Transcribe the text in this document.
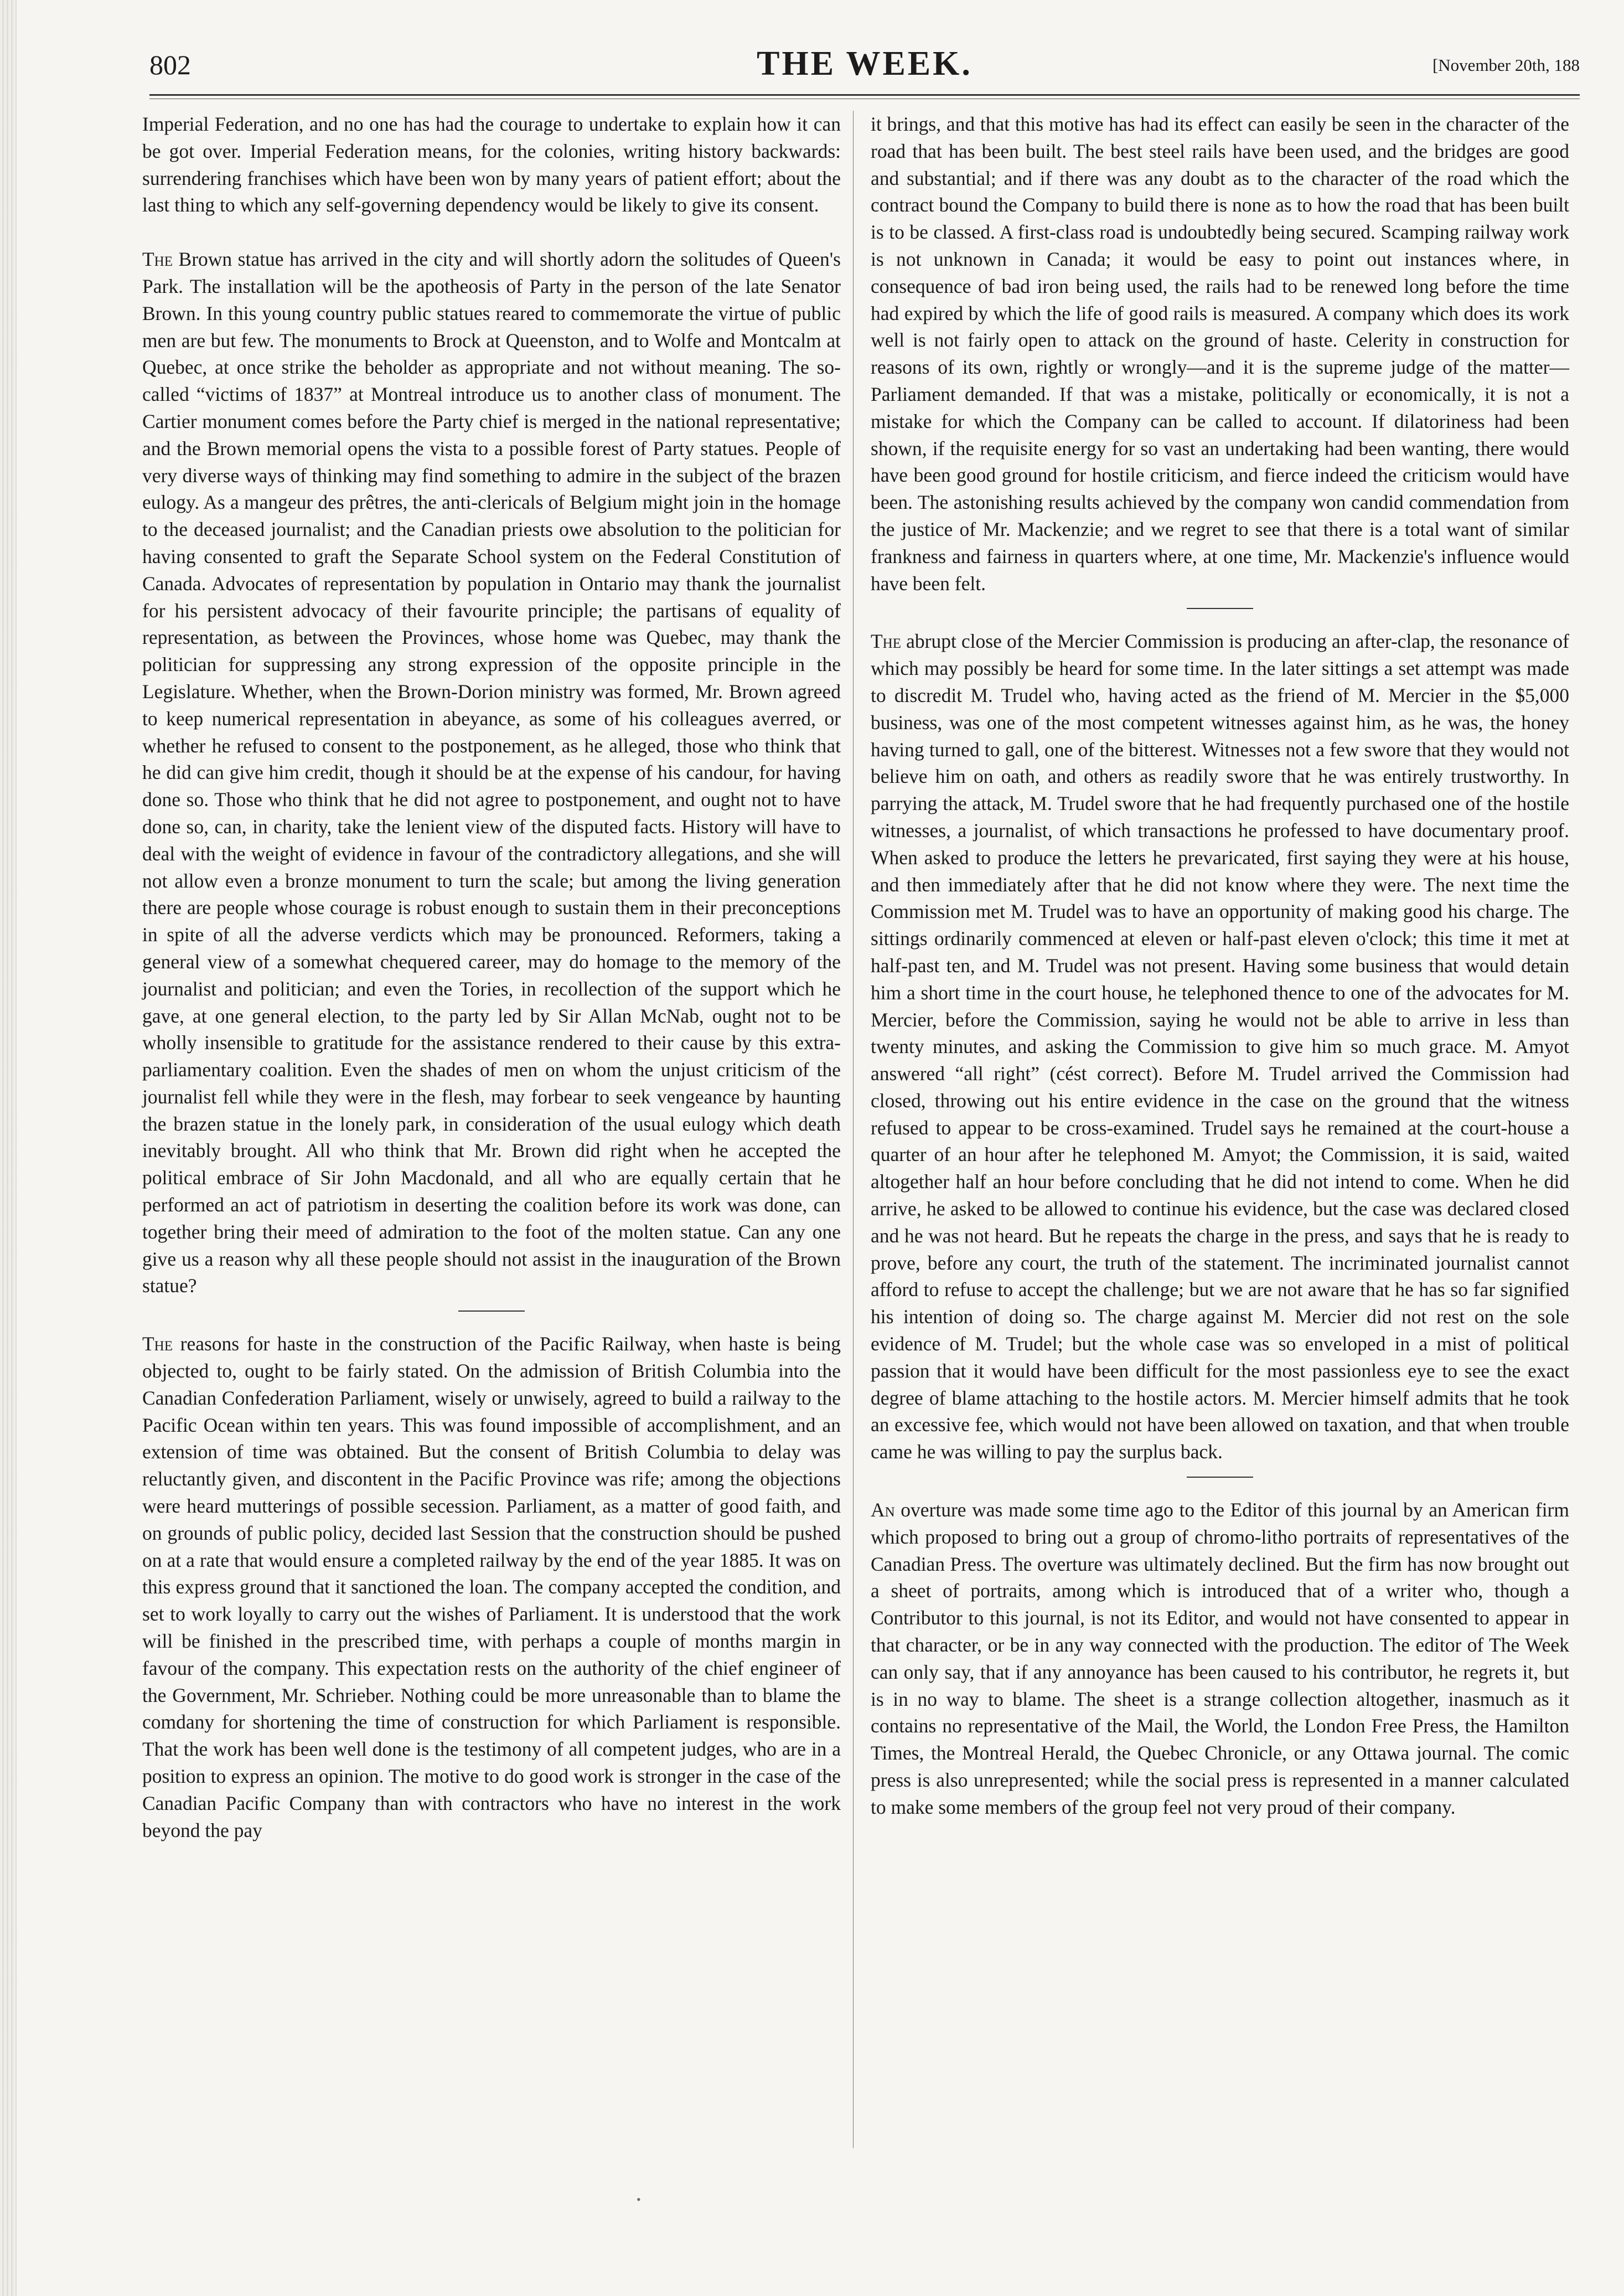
802	THE WEEK.	[November 20th, 188

Imperial Federation, and no one has had the courage to undertake to explain how it can be got over. Imperial Federation means, for the colonies, writing history backwards: surrendering franchises which have been won by many years of patient effort; about the last thing to which any self-governing dependency would be likely to give its consent.

The Brown statue has arrived in the city and will shortly adorn the solitudes of Queen's Park. The installation will be the apotheosis of Party in the person of the late Senator Brown. In this young country public statues reared to commemorate the virtue of public men are but few. The monuments to Brock at Queenston, and to Wolfe and Montcalm at Quebec, at once strike the beholder as appropriate and not without meaning. The so-called “victims of 1837” at Montreal introduce us to another class of monument. The Cartier monument comes before the Party chief is merged in the national representative; and the Brown memorial opens the vista to a possible forest of Party statues. People of very diverse ways of thinking may find something to admire in the subject of the brazen eulogy. As a mangeur des prêtres, the anti-clericals of Belgium might join in the homage to the deceased journalist; and the Canadian priests owe absolution to the politician for having consented to graft the Separate School system on the Federal Constitution of Canada. Advocates of representation by population in Ontario may thank the journalist for his persistent advocacy of their favourite principle; the partisans of equality of representation, as between the Provinces, whose home was Quebec, may thank the politician for suppressing any strong expression of the opposite principle in the Legislature. Whether, when the Brown-Dorion ministry was formed, Mr. Brown agreed to keep numerical representation in abeyance, as some of his colleagues averred, or whether he refused to consent to the postponement, as he alleged, those who think that he did can give him credit, though it should be at the expense of his candour, for having done so. Those who think that he did not agree to postponement, and ought not to have done so, can, in charity, take the lenient view of the disputed facts. History will have to deal with the weight of evidence in favour of the contradictory allegations, and she will not allow even a bronze monument to turn the scale; but among the living generation there are people whose courage is robust enough to sustain them in their preconceptions in spite of all the adverse verdicts which may be pronounced. Reformers, taking a general view of a somewhat chequered career, may do homage to the memory of the journalist and politician; and even the Tories, in recollection of the support which he gave, at one general election, to the party led by Sir Allan McNab, ought not to be wholly insensible to gratitude for the assistance rendered to their cause by this extra-parliamentary coalition. Even the shades of men on whom the unjust criticism of the journalist fell while they were in the flesh, may forbear to seek vengeance by haunting the brazen statue in the lonely park, in consideration of the usual eulogy which death inevitably brought. All who think that Mr. Brown did right when he accepted the political embrace of Sir John Macdonald, and all who are equally certain that he performed an act of patriotism in deserting the coalition before its work was done, can together bring their meed of admiration to the foot of the molten statue. Can any one give us a reason why all these people should not assist in the inauguration of the Brown statue?

The reasons for haste in the construction of the Pacific Railway, when haste is being objected to, ought to be fairly stated. On the admission of British Columbia into the Canadian Confederation Parliament, wisely or unwisely, agreed to build a railway to the Pacific Ocean within ten years. This was found impossible of accomplishment, and an extension of time was obtained. But the consent of British Columbia to delay was reluctantly given, and discontent in the Pacific Province was rife; among the objections were heard mutterings of possible secession. Parliament, as a matter of good faith, and on grounds of public policy, decided last Session that the construction should be pushed on at a rate that would ensure a completed railway by the end of the year 1885. It was on this express ground that it sanctioned the loan. The company accepted the condition, and set to work loyally to carry out the wishes of Parliament. It is understood that the work will be finished in the prescribed time, with perhaps a couple of months margin in favour of the company. This expectation rests on the authority of the chief engineer of the Government, Mr. Schrieber. Nothing could be more unreasonable than to blame the comdany for shortening the time of construction for which Parliament is responsible. That the work has been well done is the testimony of all competent judges, who are in a position to express an opinion. The motive to do good work is stronger in the case of the Canadian Pacific Company than with contractors who have no interest in the work beyond the pay

it brings, and that this motive has had its effect can easily be seen in the character of the road that has been built. The best steel rails have been used, and the bridges are good and substantial; and if there was any doubt as to the character of the road which the contract bound the Company to build there is none as to how the road that has been built is to be classed. A first-class road is undoubtedly being secured. Scamping railway work is not unknown in Canada; it would be easy to point out instances where, in consequence of bad iron being used, the rails had to be renewed long before the time had expired by which the life of good rails is measured. A company which does its work well is not fairly open to attack on the ground of haste. Celerity in construction for reasons of its own, rightly or wrongly—and it is the supreme judge of the matter—Parliament demanded. If that was a mistake, politically or economically, it is not a mistake for which the Company can be called to account. If dilatoriness had been shown, if the requisite energy for so vast an undertaking had been wanting, there would have been good ground for hostile criticism, and fierce indeed the criticism would have been. The astonishing results achieved by the company won candid commendation from the justice of Mr. Mackenzie; and we regret to see that there is a total want of similar frankness and fairness in quarters where, at one time, Mr. Mackenzie's influence would have been felt.

The abrupt close of the Mercier Commission is producing an after-clap, the resonance of which may possibly be heard for some time. In the later sittings a set attempt was made to discredit M. Trudel who, having acted as the friend of M. Mercier in the $5,000 business, was one of the most competent witnesses against him, as he was, the honey having turned to gall, one of the bitterest. Witnesses not a few swore that they would not believe him on oath, and others as readily swore that he was entirely trustworthy. In parrying the attack, M. Trudel swore that he had frequently purchased one of the hostile witnesses, a journalist, of which transactions he professed to have documentary proof. When asked to produce the letters he prevaricated, first saying they were at his house, and then immediately after that he did not know where they were. The next time the Commission met M. Trudel was to have an opportunity of making good his charge. The sittings ordinarily commenced at eleven or half-past eleven o'clock; this time it met at half-past ten, and M. Trudel was not present. Having some business that would detain him a short time in the court house, he telephoned thence to one of the advocates for M. Mercier, before the Commission, saying he would not be able to arrive in less than twenty minutes, and asking the Commission to give him so much grace. M. Amyot answered “all right” (cést correct). Before M. Trudel arrived the Commission had closed, throwing out his entire evidence in the case on the ground that the witness refused to appear to be cross-examined. Trudel says he remained at the court-house a quarter of an hour after he telephoned M. Amyot; the Commission, it is said, waited altogether half an hour before concluding that he did not intend to come. When he did arrive, he asked to be allowed to continue his evidence, but the case was declared closed and he was not heard. But he repeats the charge in the press, and says that he is ready to prove, before any court, the truth of the statement. The incriminated journalist cannot afford to refuse to accept the challenge; but we are not aware that he has so far signified his intention of doing so. The charge against M. Mercier did not rest on the sole evidence of M. Trudel; but the whole case was so enveloped in a mist of political passion that it would have been difficult for the most passionless eye to see the exact degree of blame attaching to the hostile actors. M. Mercier himself admits that he took an excessive fee, which would not have been allowed on taxation, and that when trouble came he was willing to pay the surplus back.

An overture was made some time ago to the Editor of this journal by an American firm which proposed to bring out a group of chromo-litho portraits of representatives of the Canadian Press. The overture was ultimately declined. But the firm has now brought out a sheet of portraits, among which is introduced that of a writer who, though a Contributor to this journal, is not its Editor, and would not have consented to appear in that character, or be in any way connected with the production. The editor of The Week can only say, that if any annoyance has been caused to his contributor, he regrets it, but is in no way to blame. The sheet is a strange collection altogether, inasmuch as it contains no representative of the Mail, the World, the London Free Press, the Hamilton Times, the Montreal Herald, the Quebec Chronicle, or any Ottawa journal. The comic press is also unrepresented; while the social press is represented in a manner calculated to make some members of the group feel not very proud of their company.

•
